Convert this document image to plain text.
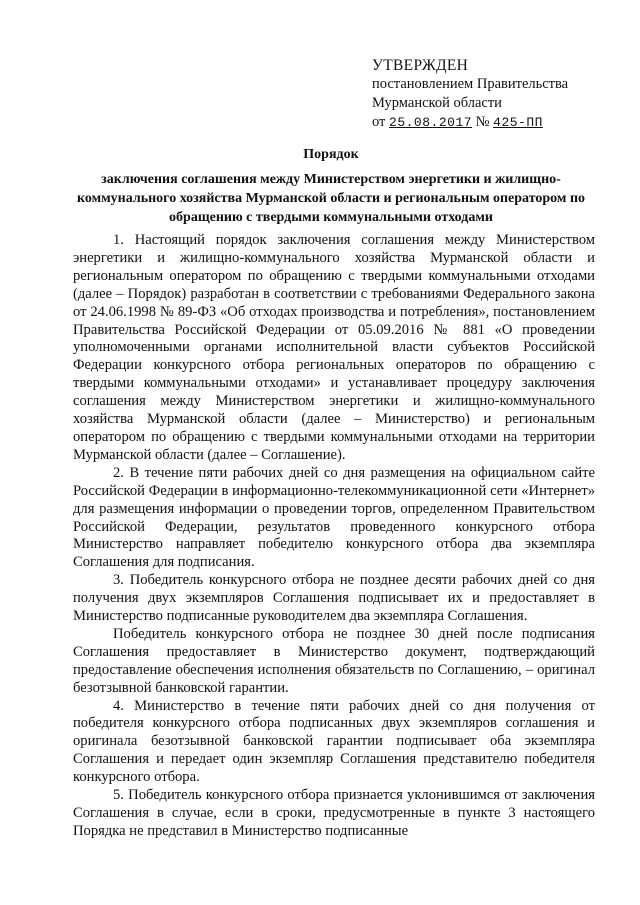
УТВЕРЖДЕН
постановлением Правительства
Мурманской области
от 25.08.2017 № 425-ПП
Порядок
заключения соглашения между Министерством энергетики и жилищно-коммунального хозяйства Мурманской области и региональным оператором по обращению с твердыми коммунальными отходами

1. Настоящий порядок заключения соглашения между Министерством энергетики и жилищно-коммунального хозяйства Мурманской области и региональным оператором по обращению с твердыми коммунальными отходами (далее – Порядок) разработан в соответствии с требованиями Федерального закона от 24.06.1998 № 89-ФЗ «Об отходах производства и потребления», постановлением Правительства Российской Федерации от 05.09.2016 № 881 «О проведении уполномоченными органами исполнительной власти субъектов Российской Федерации конкурсного отбора региональных операторов по обращению с твердыми коммунальными отходами» и устанавливает процедуру заключения соглашения между Министерством энергетики и жилищно-коммунального хозяйства Мурманской области (далее – Министерство) и региональным оператором по обращению с твердыми коммунальными отходами на территории Мурманской области (далее – Соглашение).

2. В течение пяти рабочих дней со дня размещения на официальном сайте Российской Федерации в информационно-телекоммуникационной сети «Интернет» для размещения информации о проведении торгов, определенном Правительством Российской Федерации, результатов проведенного конкурсного отбора Министерство направляет победителю конкурсного отбора два экземпляра Соглашения для подписания.

3. Победитель конкурсного отбора не позднее десяти рабочих дней со дня получения двух экземпляров Соглашения подписывает их и предоставляет в Министерство подписанные руководителем два экземпляра Соглашения.

Победитель конкурсного отбора не позднее 30 дней после подписания Соглашения предоставляет в Министерство документ, подтверждающий предоставление обеспечения исполнения обязательств по Соглашению, – оригинал безотзывной банковской гарантии.

4. Министерство в течение пяти рабочих дней со дня получения от победителя конкурсного отбора подписанных двух экземпляров соглашения и оригинала безотзывной банковской гарантии подписывает оба экземпляра Соглашения и передает один экземпляр Соглашения представителю победителя конкурсного отбора.

5. Победитель конкурсного отбора признается уклонившимся от заключения Соглашения в случае, если в сроки, предусмотренные в пункте 3 настоящего Порядка не представил в Министерство подписанные
